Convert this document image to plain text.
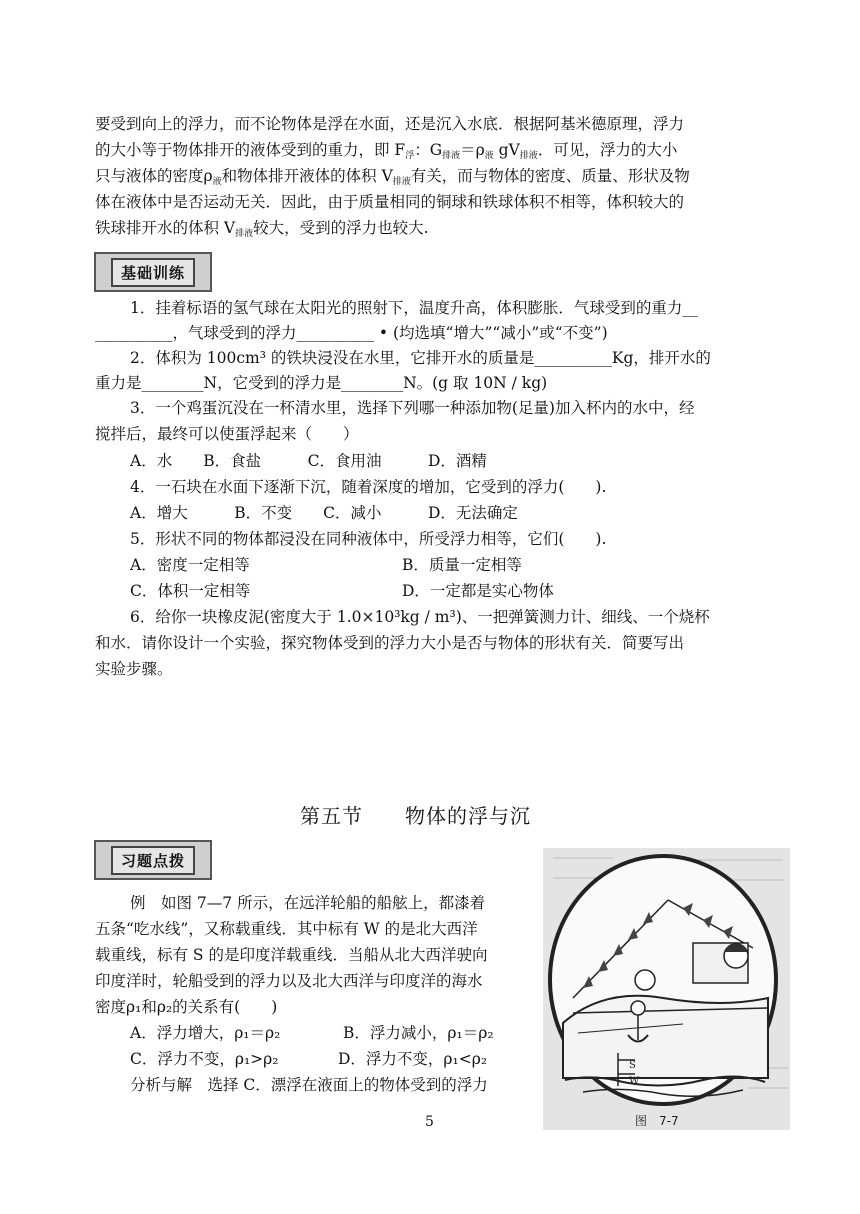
要受到向上的浮力，而不论物体是浮在水面，还是沉入水底．根据阿基米德原理，浮力
的大小等于物体排开的液体受到的重力，即 $F_浮$：$G_{排液}=\rho_液$ $gV_{排液}$．可见，浮力的大小
只与液体的密度$\rho_液$和物体排开液体的体积 $V_{排液}$有关，而与物体的密度、质量、形状及物
体在液体中是否运动无关．因此，由于质量相同的铜球和铁球体积不相等，体积较大的
铁球排开水的体积 $V_{排液}$较大，受到的浮力也较大.
基础训练
1．挂着标语的氢气球在太阳光的照射下，温度升高，体积膨胀．气球受到的重力__
__________，气球受到的浮力__________ • (均选填“增大”“减小”或“不变”)
2．体积为 100cm³ 的铁块浸没在水里，它排开水的质量是__________Kg，排开水的
重力是________N，它受到的浮力是________N。(g 取 10N / kg)
3．一个鸡蛋沉没在一杯清水里，选择下列哪一种添加物(足量)加入杯内的水中，经
搅拌后，最终可以使蛋浮起来（　　）
A．水　　B．食盐　　　C．食用油　　　D．酒精
4．一石块在水面下逐渐下沉，随着深度的增加，它受到的浮力(　　).
A．增大　　　B．不变　　C．减小　　　D．无法确定
5．形状不同的物体都浸没在同种液体中，所受浮力相等，它们(　　).
A．密度一定相等	B．质量一定相等
C．体积一定相等	D．一定都是实心物体
6．给你一块橡皮泥(密度大于 1.0×10³kg / m³)、一把弹簧测力计、细线、一个烧杯
和水．请你设计一个实验，探究物体受到的浮力大小是否与物体的形状有关．简要写出
实验步骤。
第五节　　物体的浮与沉
习题点拨
例　如图 7—7 所示，在远洋轮船的船舷上，都漆着
五条“吃水线”，又称载重线．其中标有 W 的是北大西洋
载重线，标有 S 的是印度洋载重线．当船从北大西洋驶向
印度洋时，轮船受到的浮力以及北大西洋与印度洋的海水
密度ρ₁和ρ₂的关系有(　　)
A．浮力增大，ρ₁＝ρ₂	B．浮力减小，ρ₁＝ρ₂
C．浮力不变，ρ₁>ρ₂	D．浮力不变，ρ₁<ρ₂
分析与解　选择 C．漂浮在液面上的物体受到的浮力
S
W
图　7-7
5
